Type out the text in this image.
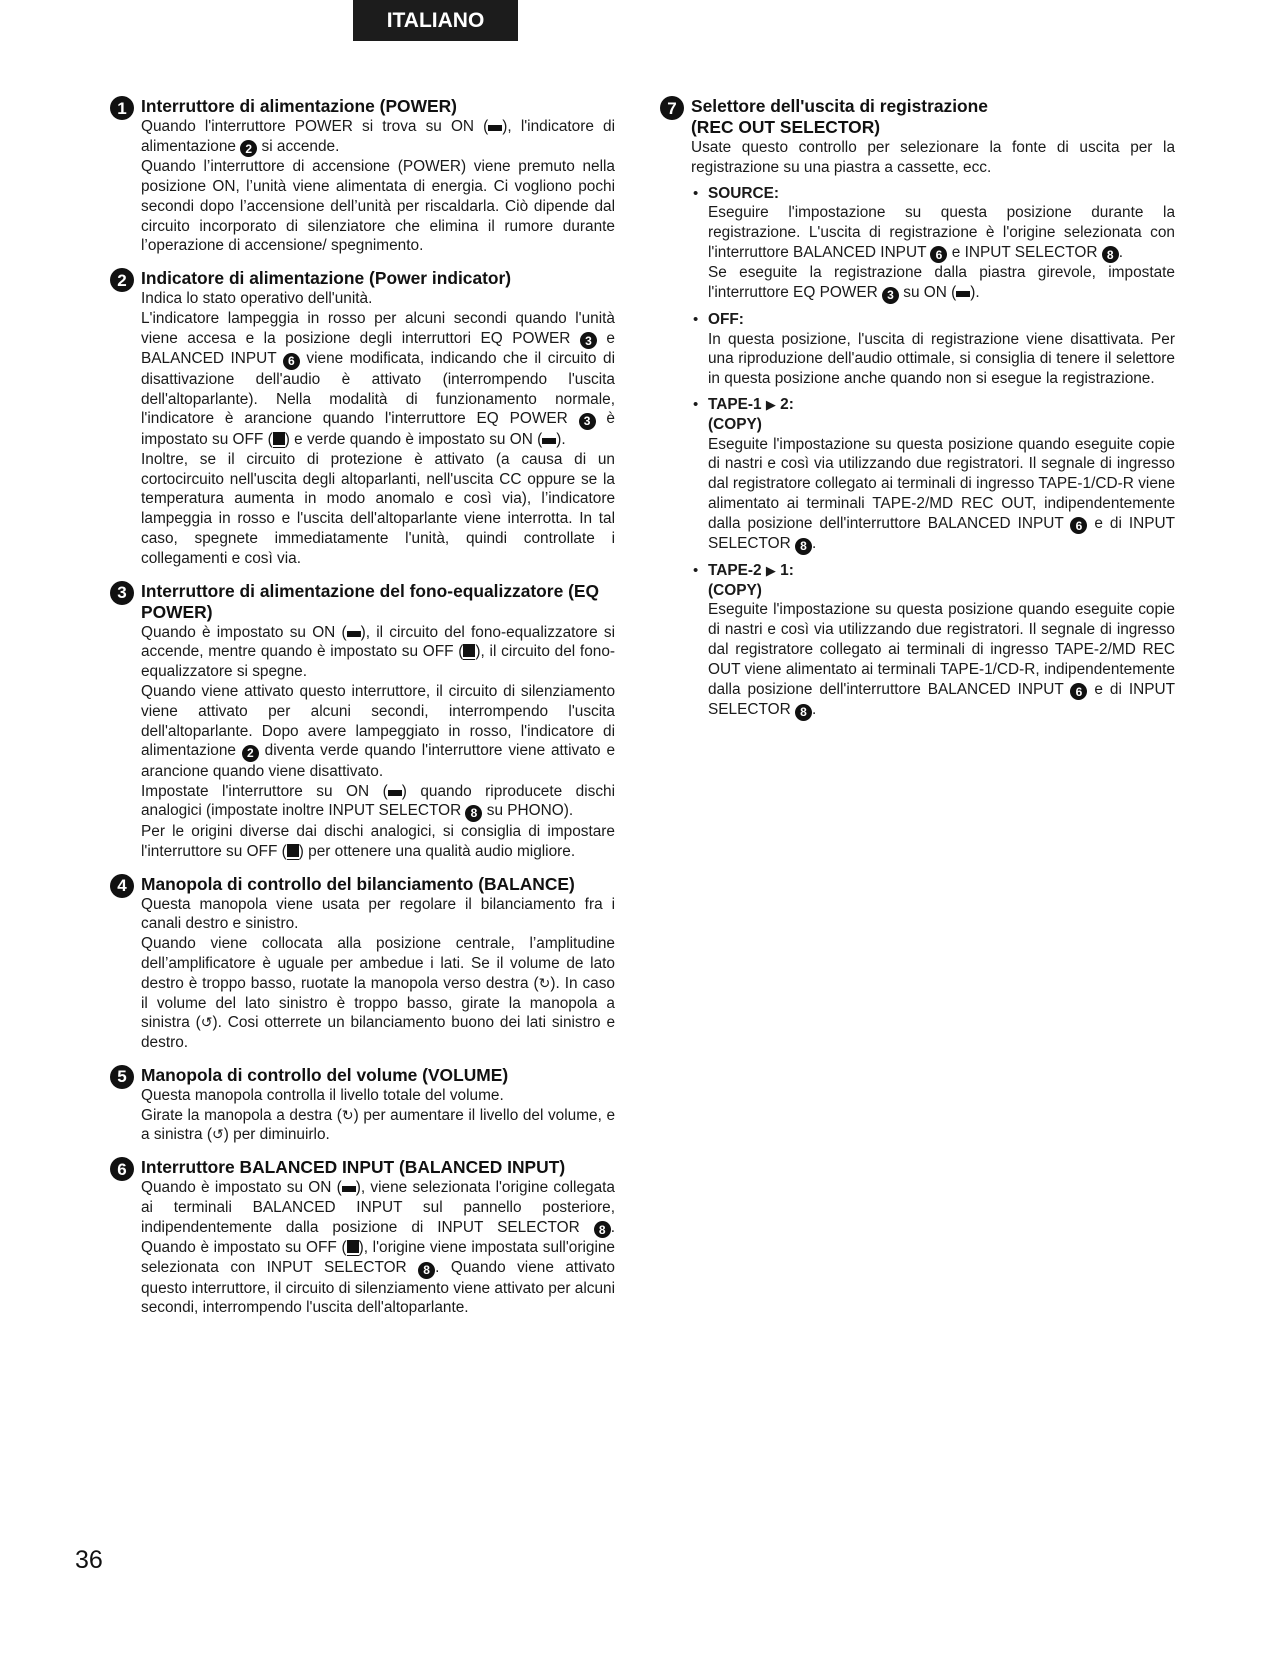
ITALIANO
1 Interruttore di alimentazione (POWER)
Quando l'interruttore POWER si trova su ON ( ), l'indicatore di alimentazione 2 si accende.
Quando l’interruttore di accensione (POWER) viene premuto nella posizione ON, l’unità viene alimentata di energia. Ci vogliono pochi secondi dopo l’accensione dell’unità per riscaldarla. Ciò dipende dal circuito incorporato di silenziatore che elimina il rumore durante l’operazione di accensione/ spegnimento.
2 Indicatore di alimentazione (Power indicator)
Indica lo stato operativo dell'unità.
L'indicatore lampeggia in rosso per alcuni secondi quando l'unità viene accesa e la posizione degli interruttori EQ POWER 3 e BALANCED INPUT 6 viene modificata, indicando che il circuito di disattivazione dell'audio è attivato (interrompendo l'uscita dell'altoparlante). Nella modalità di funzionamento normale, l'indicatore è arancione quando l'interruttore EQ POWER 3 è impostato su OFF ( ) e verde quando è impostato su ON ( ).
Inoltre, se il circuito di protezione è attivato (a causa di un cortocircuito nell'uscita degli altoparlanti, nell'uscita CC oppure se la temperatura aumenta in modo anomalo e così via), l’indicatore lampeggia in rosso e l'uscita dell'altoparlante viene interrotta. In tal caso, spegnete immediatamente l'unità, quindi controllate i collegamenti e così via.
3 Interruttore di alimentazione del fono-equalizzatore (EQ POWER)
Quando è impostato su ON ( ), il circuito del fono-equalizzatore si accende, mentre quando è impostato su OFF ( ), il circuito del fono-equalizzatore si spegne.
Quando viene attivato questo interruttore, il circuito di silenziamento viene attivato per alcuni secondi, interrompendo l'uscita dell'altoparlante. Dopo avere lampeggiato in rosso, l'indicatore di alimentazione 2 diventa verde quando l'interruttore viene attivato e arancione quando viene disattivato.
Impostate l'interruttore su ON ( ) quando riproducete dischi analogici (impostate inoltre INPUT SELECTOR 8 su PHONO).
Per le origini diverse dai dischi analogici, si consiglia di impostare l'interruttore su OFF ( ) per ottenere una qualità audio migliore.
4 Manopola di controllo del bilanciamento (BALANCE)
Questa manopola viene usata per regolare il bilanciamento fra i canali destro e sinistro.
Quando viene collocata alla posizione centrale, l’amplitudine dell’amplificatore è uguale per ambedue i lati. Se il volume de lato destro è troppo basso, ruotate la manopola verso destra (↻). In caso il volume del lato sinistro è troppo basso, girate la manopola a sinistra (↺). Cosi otterrete un bilanciamento buono dei lati sinistro e destro.
5 Manopola di controllo del volume (VOLUME)
Questa manopola controlla il livello totale del volume.
Girate la manopola a destra (↻) per aumentare il livello del volume, e a sinistra (↺) per diminuirlo.
6 Interruttore BALANCED INPUT (BALANCED INPUT)
Quando è impostato su ON ( ), viene selezionata l'origine collegata ai terminali BALANCED INPUT sul pannello posteriore, indipendentemente dalla posizione di INPUT SELECTOR 8 . Quando è impostato su OFF ( ), l'origine viene impostata sull'origine selezionata con INPUT SELECTOR 8 . Quando viene attivato questo interruttore, il circuito di silenziamento viene attivato per alcuni secondi, interrompendo l'uscita dell'altoparlante.
7 Selettore dell'uscita di registrazione
(REC OUT SELECTOR)
Usate questo controllo per selezionare la fonte di uscita per la registrazione su una piastra a cassette, ecc.
• SOURCE:
Eseguire l'impostazione su questa posizione durante la registrazione. L'uscita di registrazione è l'origine selezionata con l'interruttore BALANCED INPUT 6 e INPUT SELECTOR 8 .
Se eseguite la registrazione dalla piastra girevole, impostate l'interruttore EQ POWER 3 su ON ( ).
• OFF:
In questa posizione, l'uscita di registrazione viene disattivata. Per una riproduzione dell'audio ottimale, si consiglia di tenere il selettore in questa posizione anche quando non si esegue la registrazione.
• TAPE-1 ▶ 2:
(COPY)
Eseguite l'impostazione su questa posizione quando eseguite copie di nastri e così via utilizzando due registratori. Il segnale di ingresso dal registratore collegato ai terminali di ingresso TAPE-1/CD-R viene alimentato ai terminali TAPE-2/MD REC OUT, indipendentemente dalla posizione dell'interruttore BALANCED INPUT 6 e di INPUT SELECTOR 8 .
• TAPE-2 ▶ 1:
(COPY)
Eseguite l'impostazione su questa posizione quando eseguite copie di nastri e così via utilizzando due registratori. Il segnale di ingresso dal registratore collegato ai terminali di ingresso TAPE-2/MD REC OUT viene alimentato ai terminali TAPE-1/CD-R, indipendentemente dalla posizione dell'interruttore BALANCED INPUT 6 e di INPUT SELECTOR 8 .
36
